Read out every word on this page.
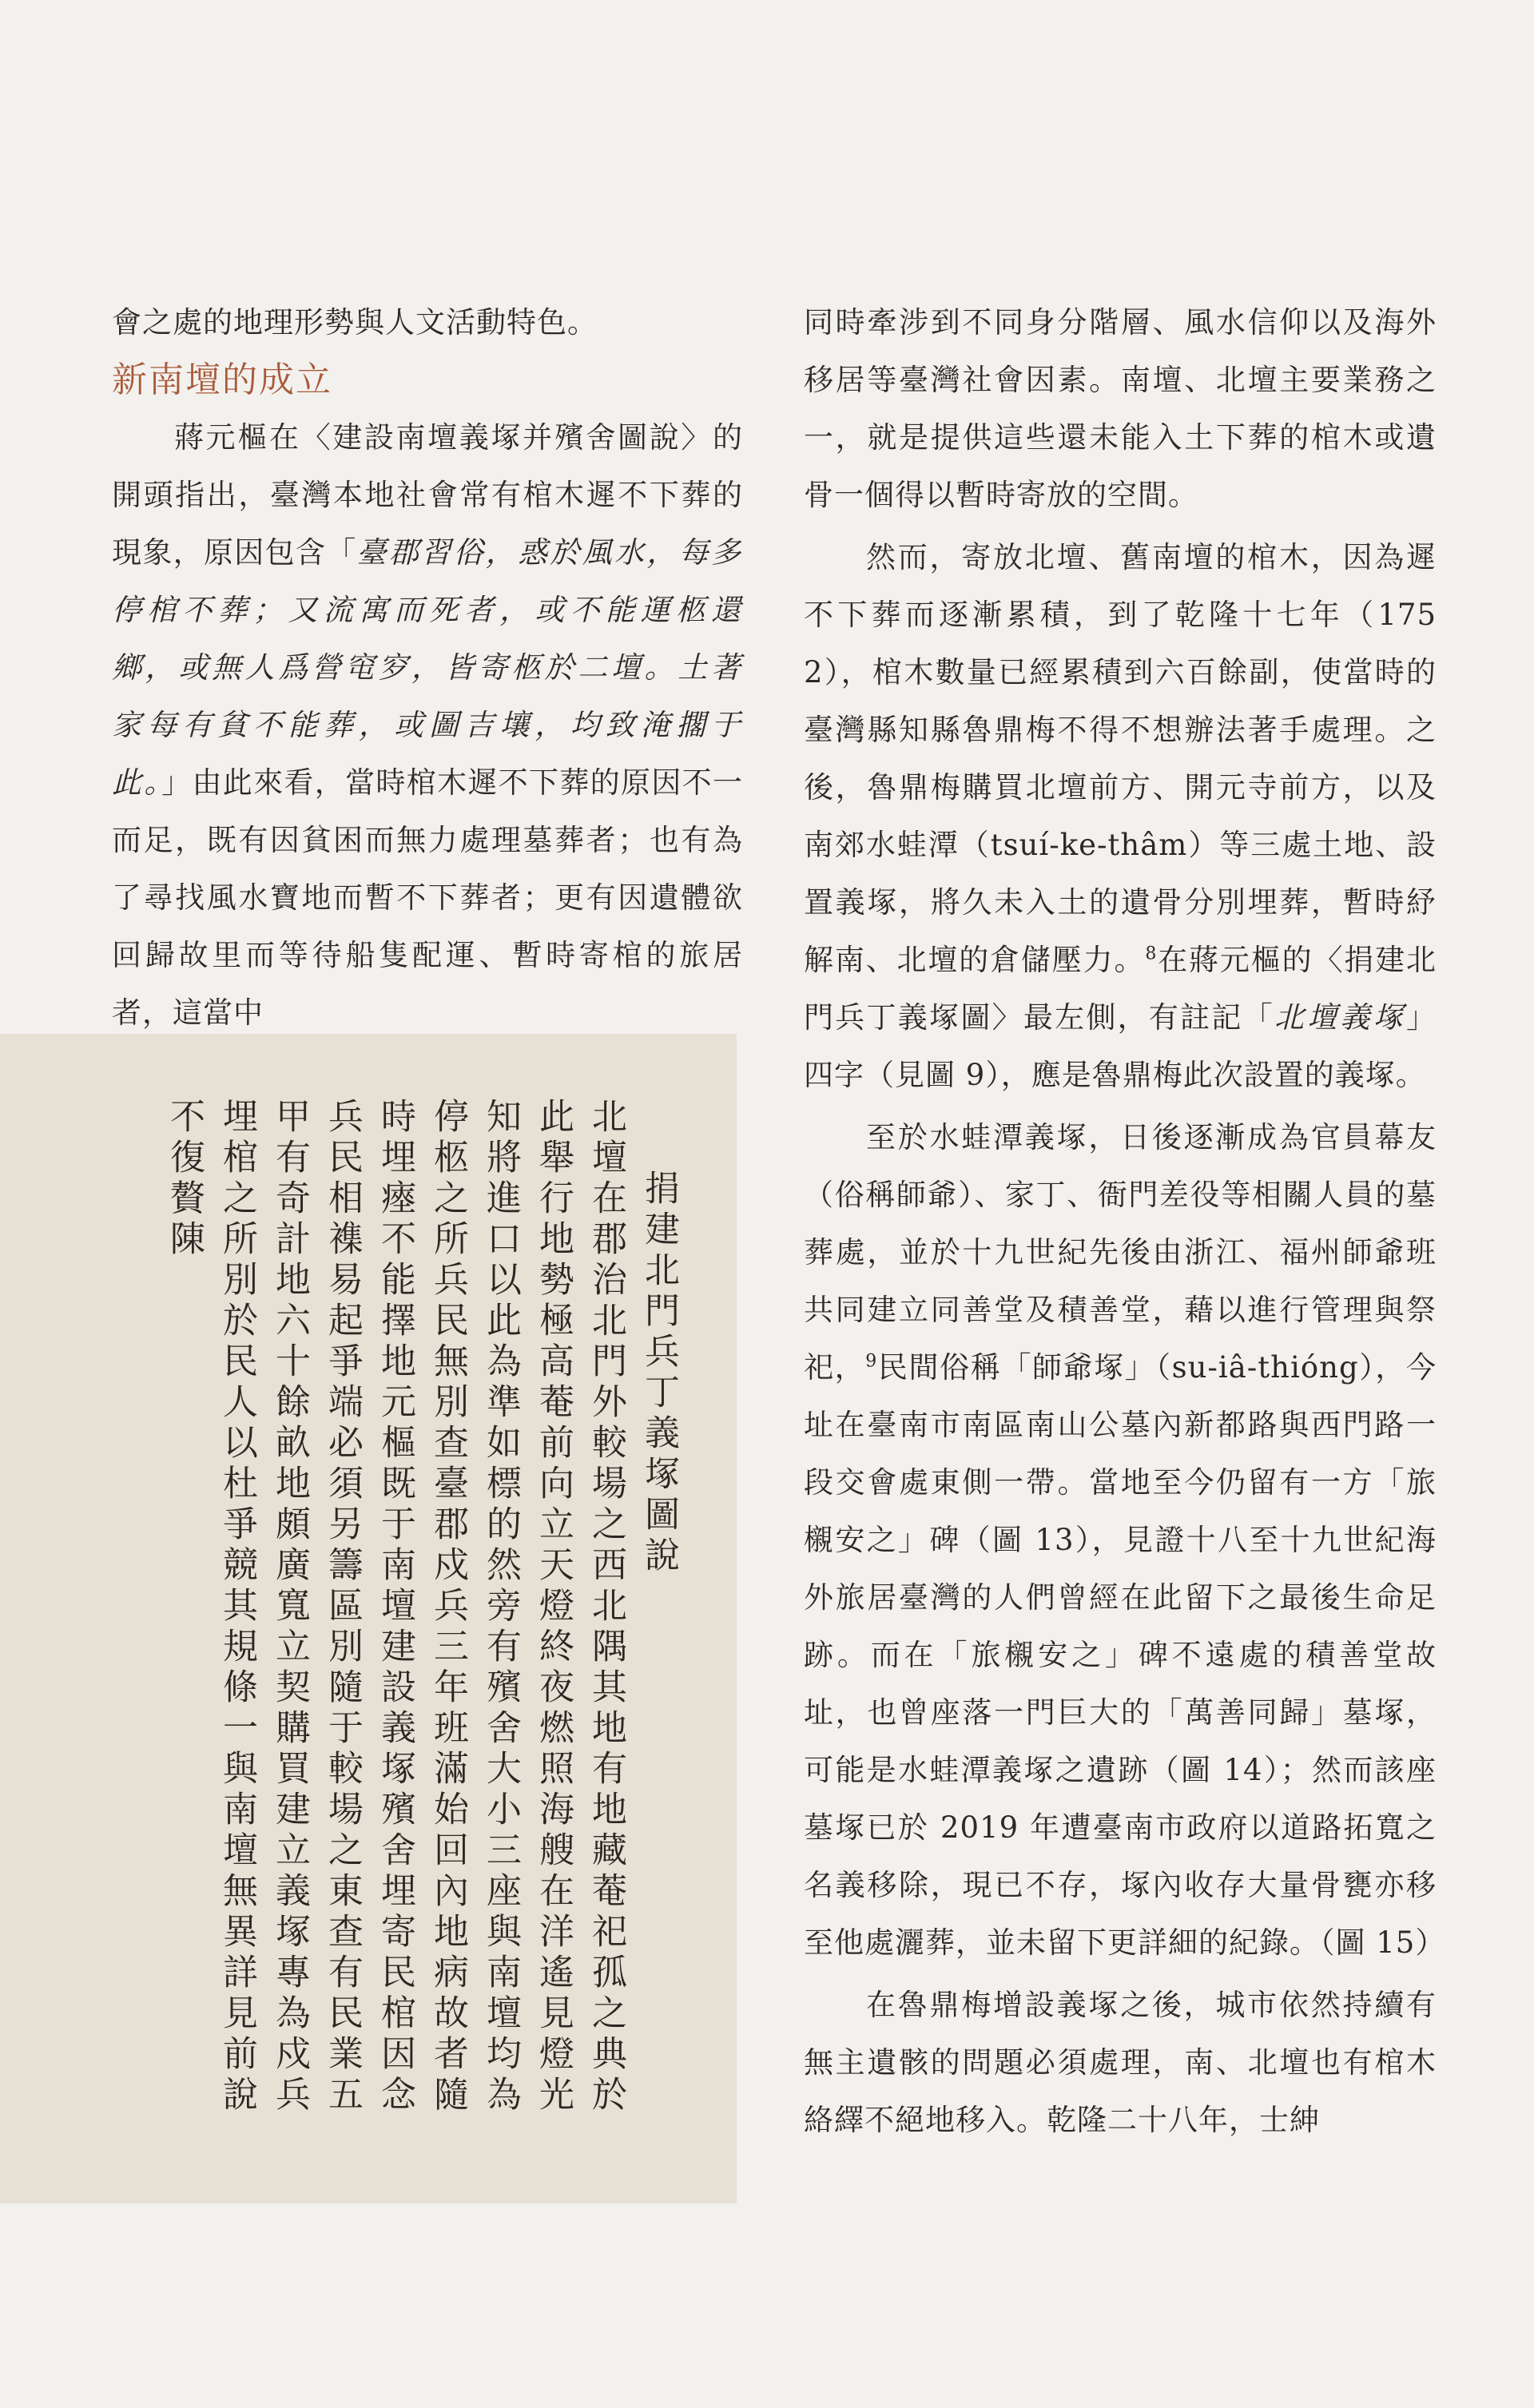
會之處的地理形勢與人文活動特色。

新南壇的成立

蔣元樞在〈建設南壇義塚并殯舍圖說〉的開頭指出，臺灣本地社會常有棺木遲不下葬的現象，原因包含「臺郡習俗，惑於風水，每多停棺不葬；又流寓而死者，或不能運柩還鄉，或無人爲營窀穸，皆寄柩於二壇。土著家每有貧不能葬，或圖吉壤，均致淹擱于此。」由此來看，當時棺木遲不下葬的原因不一而足，既有因貧困而無力處理墓葬者；也有為了尋找風水寶地而暫不下葬者；更有因遺體欲回歸故里而等待船隻配運、暫時寄棺的旅居者，這當中

捐建北門兵丁義塚圖說

北壇在郡治北門外較場之西北隅其地有地藏菴祀孤之典於

此舉行地勢極高菴前向立天燈終夜燃照海艘在洋遙見燈光

知將進口以此為準如標的然旁有殯舍大小三座與南壇均為

停柩之所兵民無別查臺郡戍兵三年班滿始回內地病故者隨

時埋瘞不能擇地元樞既于南壇建設義塚殯舍埋寄民棺因念

兵民相襍易起爭端必須另籌區別隨于較場之東查有民業五

甲有奇計地六十餘畝地頗廣寬立契購買建立義塚專為戍兵

埋棺之所別於民人以杜爭競其規條一與南壇無異詳見前說

不復贅陳

同時牽涉到不同身分階層、風水信仰以及海外移居等臺灣社會因素。南壇、北壇主要業務之一，就是提供這些還未能入土下葬的棺木或遺骨一個得以暫時寄放的空間。

然而，寄放北壇、舊南壇的棺木，因為遲不下葬而逐漸累積，到了乾隆十七年（1752），棺木數量已經累積到六百餘副，使當時的臺灣縣知縣魯鼎梅不得不想辦法著手處理。之後，魯鼎梅購買北壇前方、開元寺前方，以及南郊水蛙潭（tsuí-ke-thâm）等三處土地、設置義塚，將久未入土的遺骨分別埋葬，暫時紓解南、北壇的倉儲壓力。$^8$在蔣元樞的〈捐建北門兵丁義塚圖〉最左側，有註記「北壇義塚」四字（見圖 9），應是魯鼎梅此次設置的義塚。

至於水蛙潭義塚，日後逐漸成為官員幕友（俗稱師爺）、家丁、衙門差役等相關人員的墓葬處，並於十九世紀先後由浙江、福州師爺班共同建立同善堂及積善堂，藉以進行管理與祭祀，$^9$民間俗稱「師爺塚」（su-iâ-thióng），今址在臺南市南區南山公墓內新都路與西門路一段交會處東側一帶。當地至今仍留有一方「旅櫬安之」碑（圖 13），見證十八至十九世紀海外旅居臺灣的人們曾經在此留下之最後生命足跡。而在「旅櫬安之」碑不遠處的積善堂故址，也曾座落一門巨大的「萬善同歸」墓塚，可能是水蛙潭義塚之遺跡（圖 14）；然而該座墓塚已於 2019 年遭臺南市政府以道路拓寬之名義移除，現已不存，塚內收存大量骨甕亦移至他處灑葬，並未留下更詳細的紀錄。（圖 15）

在魯鼎梅增設義塚之後，城市依然持續有無主遺骸的問題必須處理，南、北壇也有棺木絡繹不絕地移入。乾隆二十八年，士紳
